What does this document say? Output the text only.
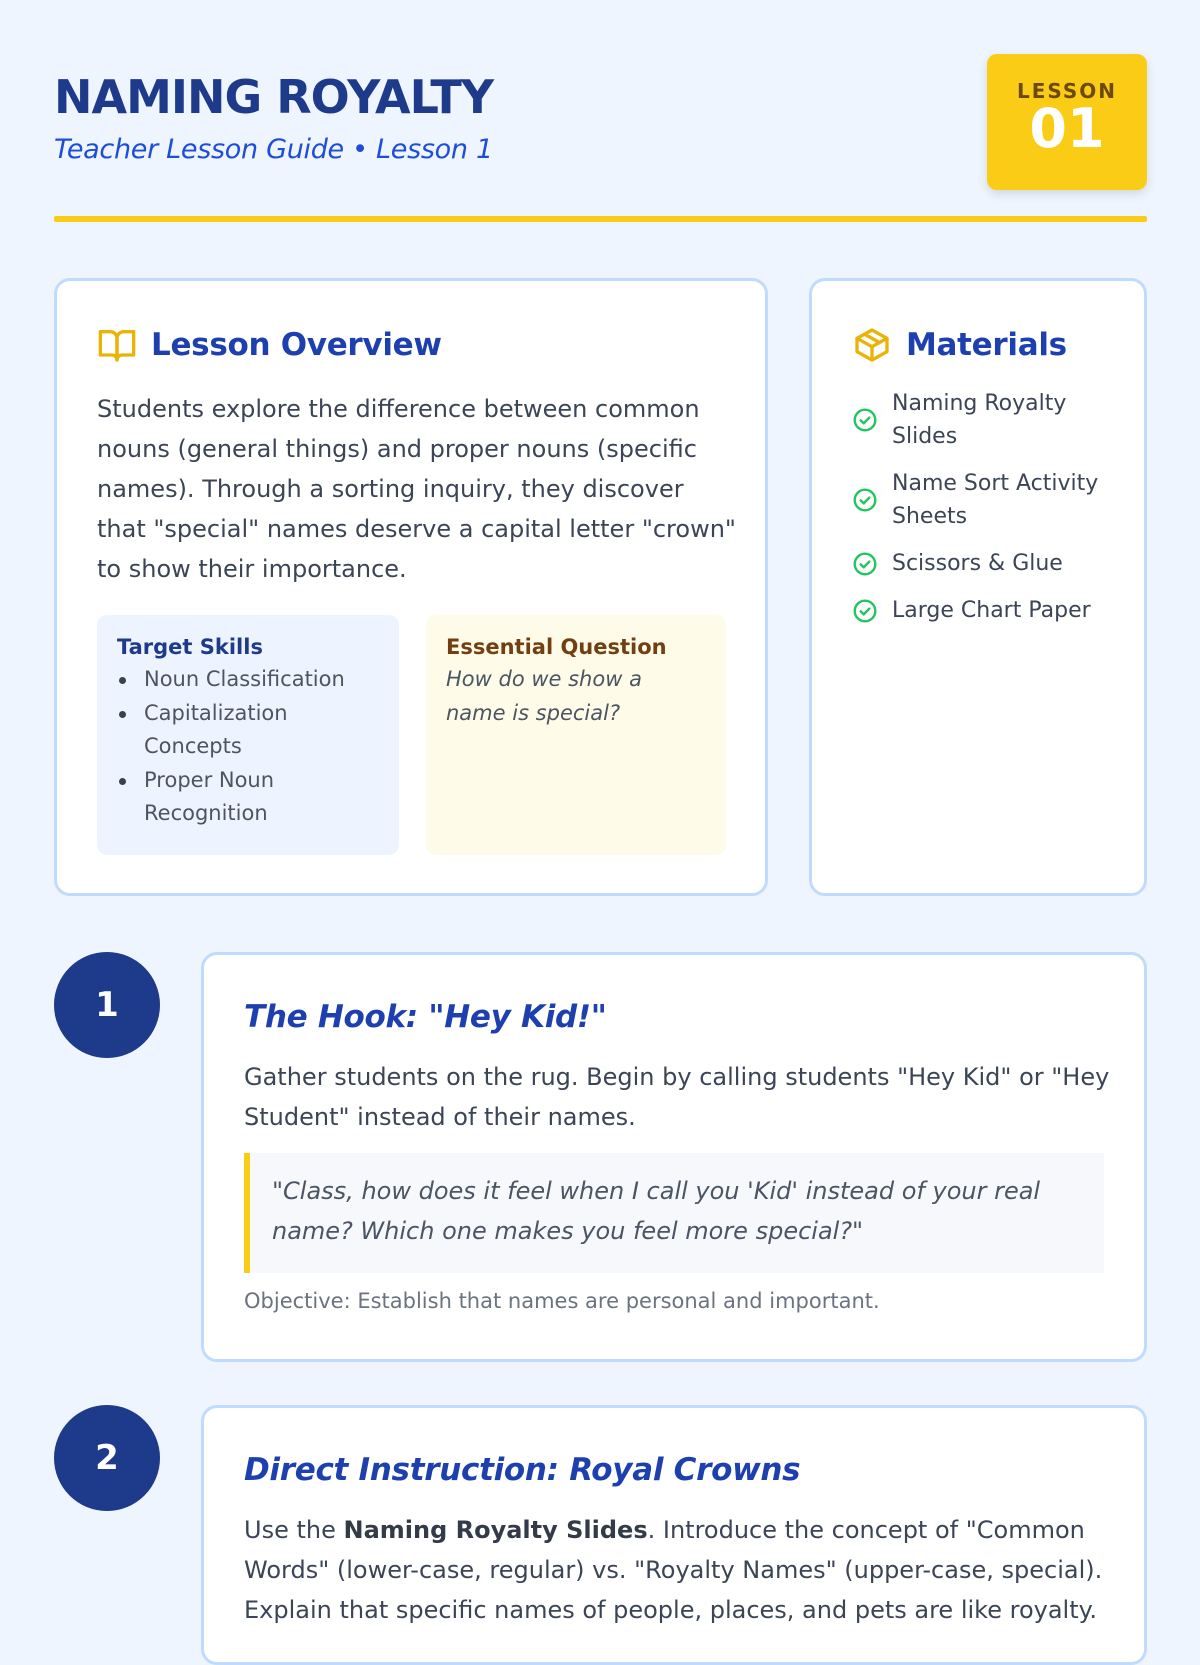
NAMING ROYALTY
Teacher Lesson Guide • Lesson 1
LESSON
01
Lesson Overview
Students explore the difference between common nouns (general things) and proper nouns (specific names). Through a sorting inquiry, they discover that "special" names deserve a capital letter "crown" to show their importance.
Target Skills
Noun Classification
Capitalization Concepts
Proper Noun Recognition
Essential Question
How do we show a name is special?
Materials
Naming Royalty Slides
Name Sort Activity Sheets
Scissors & Glue
Large Chart Paper
1	The Hook: "Hey Kid!"
Gather students on the rug. Begin by calling students "Hey Kid" or "Hey Student" instead of their names.
"Class, how does it feel when I call you 'Kid' instead of your real name? Which one makes you feel more special?"
Objective: Establish that names are personal and important.
2	Direct Instruction: Royal Crowns
Use the Naming Royalty Slides. Introduce the concept of "Common Words" (lower-case, regular) vs. "Royalty Names" (upper-case, special). Explain that specific names of people, places, and pets are like royalty.
